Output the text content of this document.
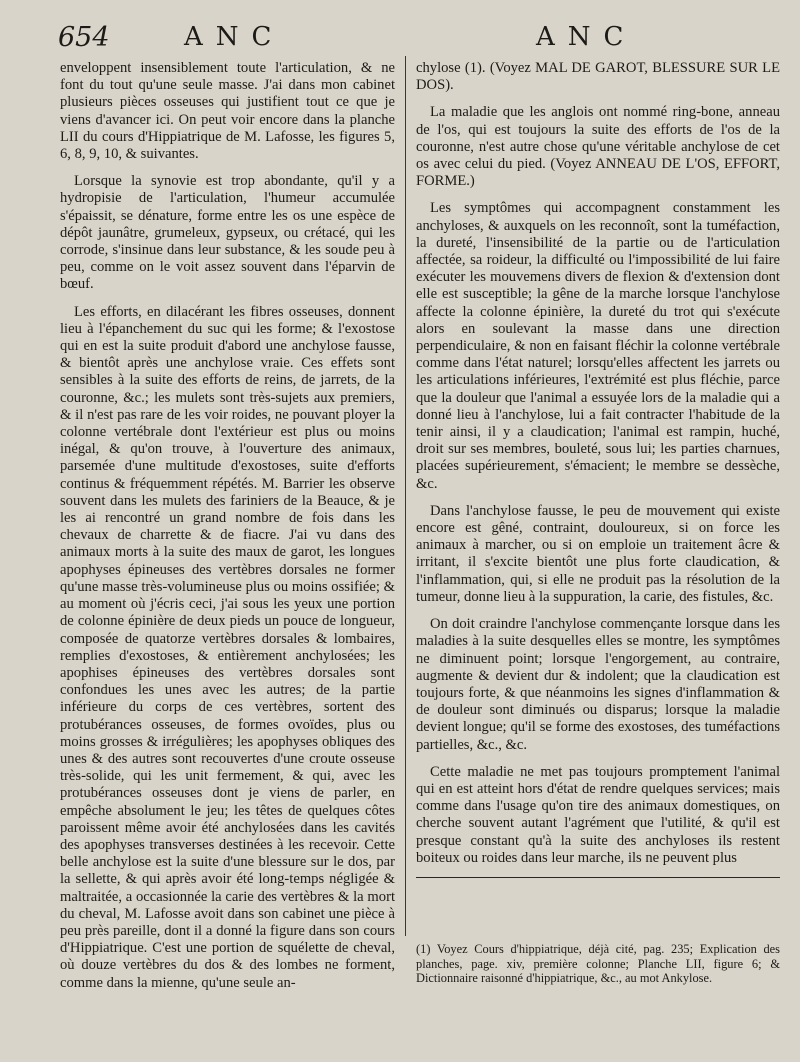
654	ANC	ANC

enveloppent insensiblement toute l'articulation, & ne font du tout qu'une seule masse. J'ai dans mon cabinet plusieurs pièces osseuses qui justifient tout ce que je viens d'avancer ici. On peut voir encore dans la planche LII du cours d'Hippiatrique de M. Lafosse, les figures 5, 6, 8, 9, 10, & suivantes.

Lorsque la synovie est trop abondante, qu'il y a hydropisie de l'articulation, l'humeur accumulée s'épaissit, se dénature, forme entre les os une espèce de dépôt jaunâtre, grumeleux, gypseux, ou crétacé, qui les corrode, s'insinue dans leur substance, & les soude peu à peu, comme on le voit assez souvent dans l'éparvin de bœuf.

Les efforts, en dilacérant les fibres osseuses, donnent lieu à l'épanchement du suc qui les forme; & l'exostose qui en est la suite produit d'abord une anchylose fausse, & bientôt après une anchylose vraie. Ces effets sont sensibles à la suite des efforts de reins, de jarrets, de la couronne, &c.; les mulets sont très-sujets aux premiers, & il n'est pas rare de les voir roides, ne pouvant ployer la colonne vertébrale dont l'extérieur est plus ou moins inégal, & qu'on trouve, à l'ouverture des animaux, parsemée d'une multitude d'exostoses, suite d'efforts continus & fréquemment répétés. M. Barrier les observe souvent dans les mulets des fariniers de la Beauce, & je les ai rencontré un grand nombre de fois dans les chevaux de charrette & de fiacre. J'ai vu dans des animaux morts à la suite des maux de garot, les longues apophyses épineuses des vertèbres dorsales ne former qu'une masse très-volumineuse plus ou moins ossifiée; & au moment où j'écris ceci, j'ai sous les yeux une portion de colonne épinière de deux pieds un pouce de longueur, composée de quatorze vertèbres dorsales & lombaires, remplies d'exostoses, & entièrement anchylosées; les apophises épineuses des vertèbres dorsales sont confondues les unes avec les autres; de la partie inférieure du corps de ces vertèbres, sortent des protubérances osseuses, de formes ovoïdes, plus ou moins grosses & irrégulières; les apophyses obliques des unes & des autres sont recouvertes d'une croute osseuse très-solide, qui les unit fermement, & qui, avec les protubérances osseuses dont je viens de parler, en empêche absolument le jeu; les têtes de quelques côtes paroissent même avoir été anchylosées dans les cavités des apophyses transverses destinées à les recevoir. Cette belle anchylose est la suite d'une blessure sur le dos, par la sellette, & qui après avoir été long-temps négligée & maltraitée, a occasionnée la carie des vertèbres & la mort du cheval, M. Lafosse avoit dans son cabinet une pièce à peu près pareille, dont il a donné la figure dans son cours d'Hippiatrique. C'est une portion de squélette de cheval, où douze vertèbres du dos & des lombes ne forment, comme dans la mienne, qu'une seule an-

chylose (1). (Voyez MAL DE GAROT, BLESSURE SUR LE DOS).

La maladie que les anglois ont nommé ring-bone, anneau de l'os, qui est toujours la suite des efforts de l'os de la couronne, n'est autre chose qu'une véritable anchylose de cet os avec celui du pied. (Voyez ANNEAU DE L'OS, EFFORT, FORME.)

Les symptômes qui accompagnent constamment les anchyloses, & auxquels on les reconnoît, sont la tuméfaction, la dureté, l'insensibilité de la partie ou de l'articulation affectée, sa roideur, la difficulté ou l'impossibilité de lui faire exécuter les mouvemens divers de flexion & d'extension dont elle est susceptible; la gêne de la marche lorsque l'anchylose affecte la colonne épinière, la dureté du trot qui s'exécute alors en soulevant la masse dans une direction perpendiculaire, & non en faisant fléchir la colonne vertébrale comme dans l'état naturel; lorsqu'elles affectent les jarrets ou les articulations inférieures, l'extrémité est plus fléchie, parce que la douleur que l'animal a essuyée lors de la maladie qui a donné lieu à l'anchylose, lui a fait contracter l'habitude de la tenir ainsi, il y a claudication; l'animal est rampin, huché, droit sur ses membres, bouleté, sous lui; les parties charnues, placées supérieurement, s'émacient; le membre se dessèche, &c.

Dans l'anchylose fausse, le peu de mouvement qui existe encore est gêné, contraint, douloureux, si on force les animaux à marcher, ou si on emploie un traitement âcre & irritant, il s'excite bientôt une plus forte claudication, & l'inflammation, qui, si elle ne produit pas la résolution de la tumeur, donne lieu à la suppuration, la carie, des fistules, &c.

On doit craindre l'anchylose commençante lorsque dans les maladies à la suite desquelles elles se montre, les symptômes ne diminuent point; lorsque l'engorgement, au contraire, augmente & devient dur & indolent; que la claudication est toujours forte, & que néanmoins les signes d'inflammation & de douleur sont diminués ou disparus; lorsque la maladie devient longue; qu'il se forme des exostoses, des tuméfactions partielles, &c., &c.

Cette maladie ne met pas toujours promptement l'animal qui en est atteint hors d'état de rendre quelques services; mais comme dans l'usage qu'on tire des animaux domestiques, on cherche souvent autant l'agrément que l'utilité, & qu'il est presque constant qu'à la suite des anchyloses ils restent boiteux ou roides dans leur marche, ils ne peuvent plus

(1) Voyez Cours d'hippiatrique, déjà cité, pag. 235; Explication des planches, page. xiv, première colonne; Planche LII, figure 6; & Dictionnaire raisonné d'hippiatrique, &c., au mot Ankylose.
